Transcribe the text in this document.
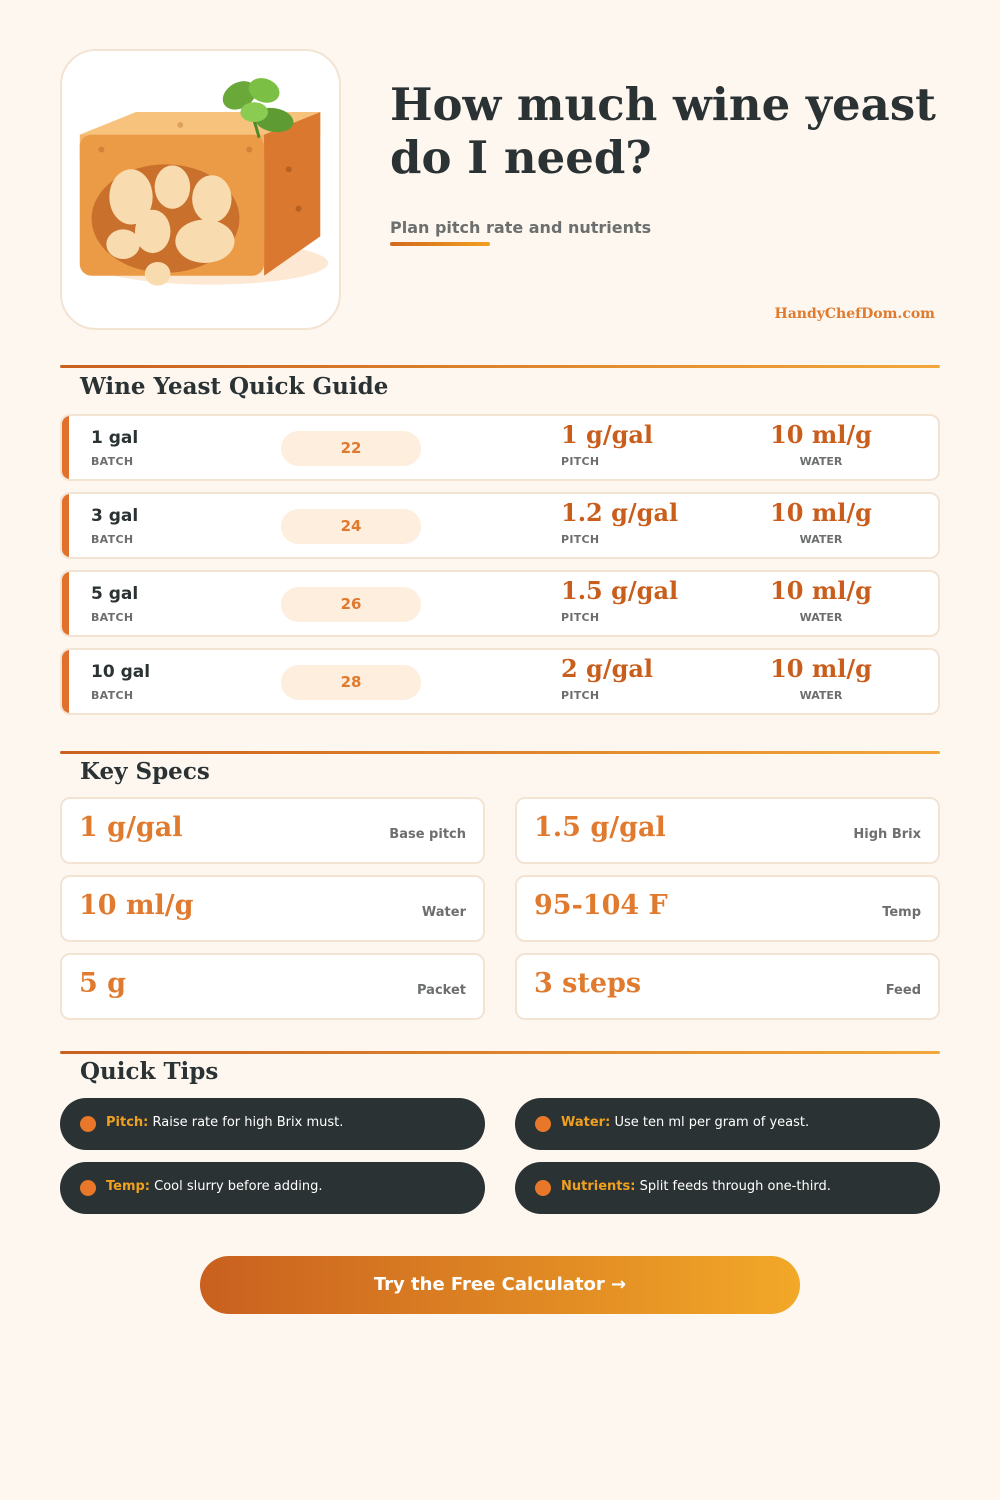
How much wine yeast do I need?
Plan pitch rate and nutrients
HandyChefDom.com
Wine Yeast Quick Guide
1 gal
BATCH
22	1 g/gal
PITCH
10 ml/g
WATER
3 gal
BATCH
24	1.2 g/gal
PITCH
10 ml/g
WATER
5 gal
BATCH
26	1.5 g/gal
PITCH
10 ml/g
WATER
10 gal
BATCH
28	2 g/gal
PITCH
10 ml/g
WATER
Key Specs
1 g/gal	Base pitch	1.5 g/gal	High Brix
10 ml/g	Water	95-104 F	Temp
5 g	Packet	3 steps	Feed
Quick Tips
Pitch: Raise rate for high Brix must.	Water: Use ten ml per gram of yeast.
Temp: Cool slurry before adding.	Nutrients: Split feeds through one-third.
Try the Free Calculator →
